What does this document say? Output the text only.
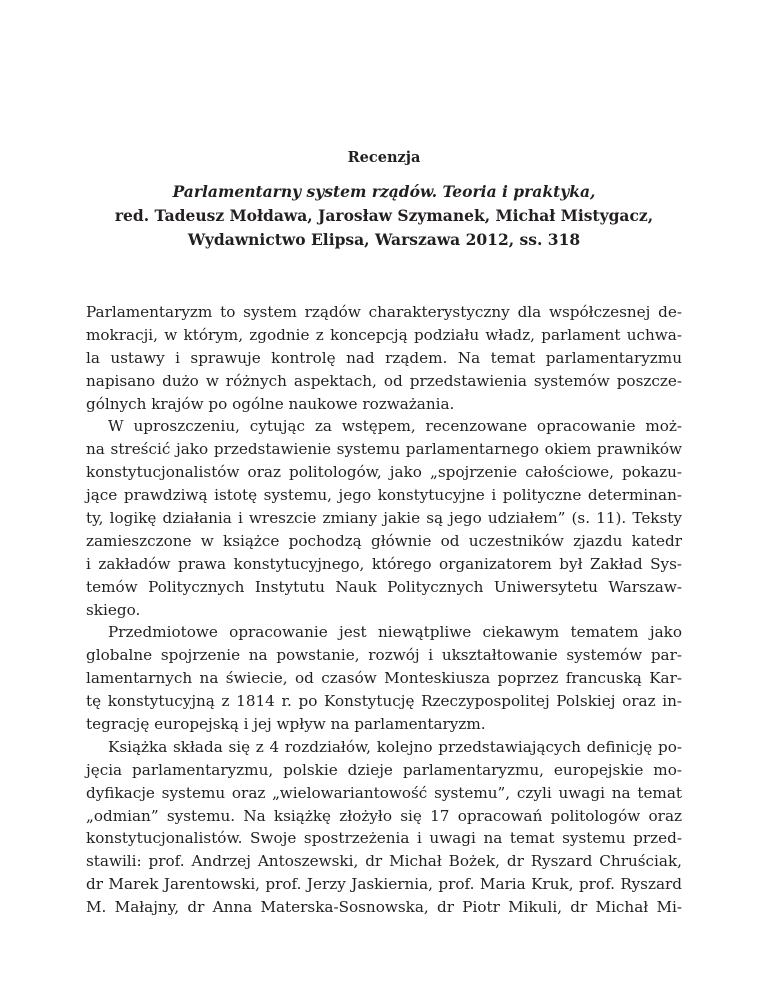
Recenzja
Parlamentarny system rządów. Teoria i praktyka,
red. Tadeusz Mołdawa, Jarosław Szymanek, Michał Mistygacz,
Wydawnictwo Elipsa, Warszawa 2012, ss. 318
Parlamentaryzm to system rządów charakterystyczny dla współczesnej de-
mokracji, w którym, zgodnie z koncepcją podziału władz, parlament uchwa-
la ustawy i sprawuje kontrolę nad rządem. Na temat parlamentaryzmu
napisano dużo w różnych aspektach, od przedstawienia systemów poszcze-
gólnych krajów po ogólne naukowe rozważania.
W uproszczeniu, cytując za wstępem, recenzowane opracowanie moż-
na streścić jako przedstawienie systemu parlamentarnego okiem prawników
konstytucjonalistów oraz politologów, jako „spojrzenie całościowe, pokazu-
jące prawdziwą istotę systemu, jego konstytucyjne i polityczne determinan-
ty, logikę działania i wreszcie zmiany jakie są jego udziałem” (s. 11). Teksty
zamieszczone w książce pochodzą głównie od uczestników zjazdu katedr
i zakładów prawa konstytucyjnego, którego organizatorem był Zakład Sys-
temów Politycznych Instytutu Nauk Politycznych Uniwersytetu Warszaw-
skiego.
Przedmiotowe opracowanie jest niewątpliwe ciekawym tematem jako
globalne spojrzenie na powstanie, rozwój i ukształtowanie systemów par-
lamentarnych na świecie, od czasów Monteskiusza poprzez francuską Kar-
tę konstytucyjną z 1814 r. po Konstytucję Rzeczypospolitej Polskiej oraz in-
tegrację europejską i jej wpływ na parlamentaryzm.
Książka składa się z 4 rozdziałów, kolejno przedstawiających definicję po-
jęcia parlamentaryzmu, polskie dzieje parlamentaryzmu, europejskie mo-
dyfikacje systemu oraz „wielowariantowość systemu”, czyli uwagi na temat
„odmian” systemu. Na książkę złożyło się 17 opracowań politologów oraz
konstytucjonalistów. Swoje spostrzeżenia i uwagi na temat systemu przed-
stawili: prof. Andrzej Antoszewski, dr Michał Bożek, dr Ryszard Chruściak,
dr Marek Jarentowski, prof. Jerzy Jaskiernia, prof. Maria Kruk, prof. Ryszard
M. Małajny, dr Anna Materska-Sosnowska, dr Piotr Mikuli, dr Michał Mi-
